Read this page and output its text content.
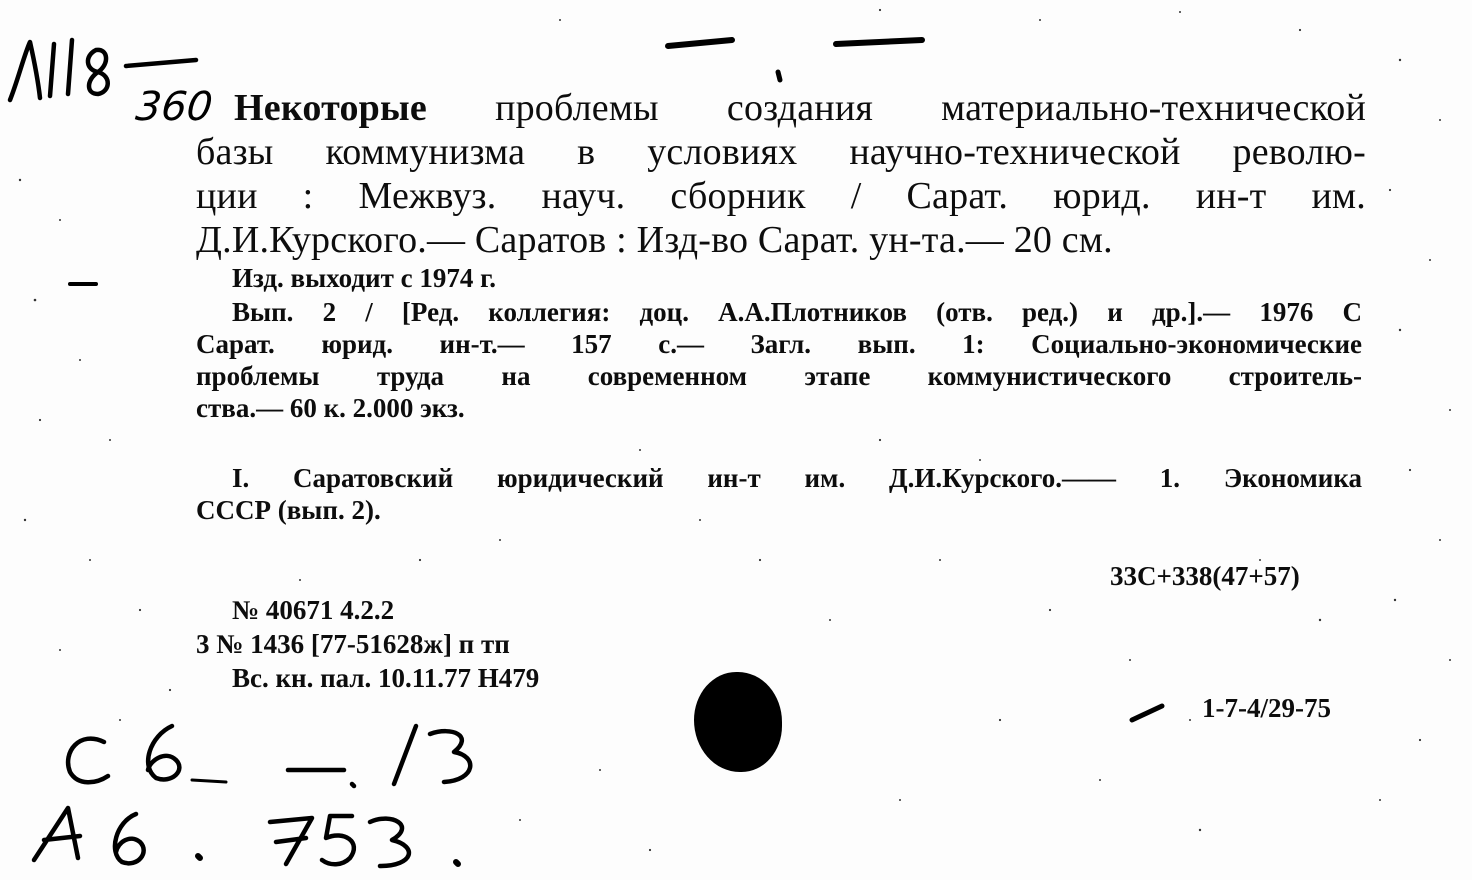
360 Некоторые проблемы создания материально-технической
базы коммунизма в условиях научно-технической револю-
ции : Межвуз. науч. сборник / Сарат. юрид. ин-т им.
Д.И.Курского.— Саратов : Изд-во Сарат. ун-та.— 20 см.
Изд. выходит с 1974 г.
Вып. 2 / [Ред. коллегия: доц. А.А.Плотников (отв. ред.) и др.].— 1976 С
Сарат. юрид. ин-т.— 157 с.— Загл. вып. 1: Социально-экономические
проблемы труда на современном этапе коммунистического строитель-
ства.— 60 к. 2.000 экз.
I. Саратовский юридический ин-т им. Д.И.Курского.—— 1. Экономика
СССР (вып. 2).
33С+338(47+57)
№ 40671 4.2.2
3 № 1436 [77-51628ж] п тп
Вс. кн. пал. 10.11.77 Н479
1-7-4/29-75
